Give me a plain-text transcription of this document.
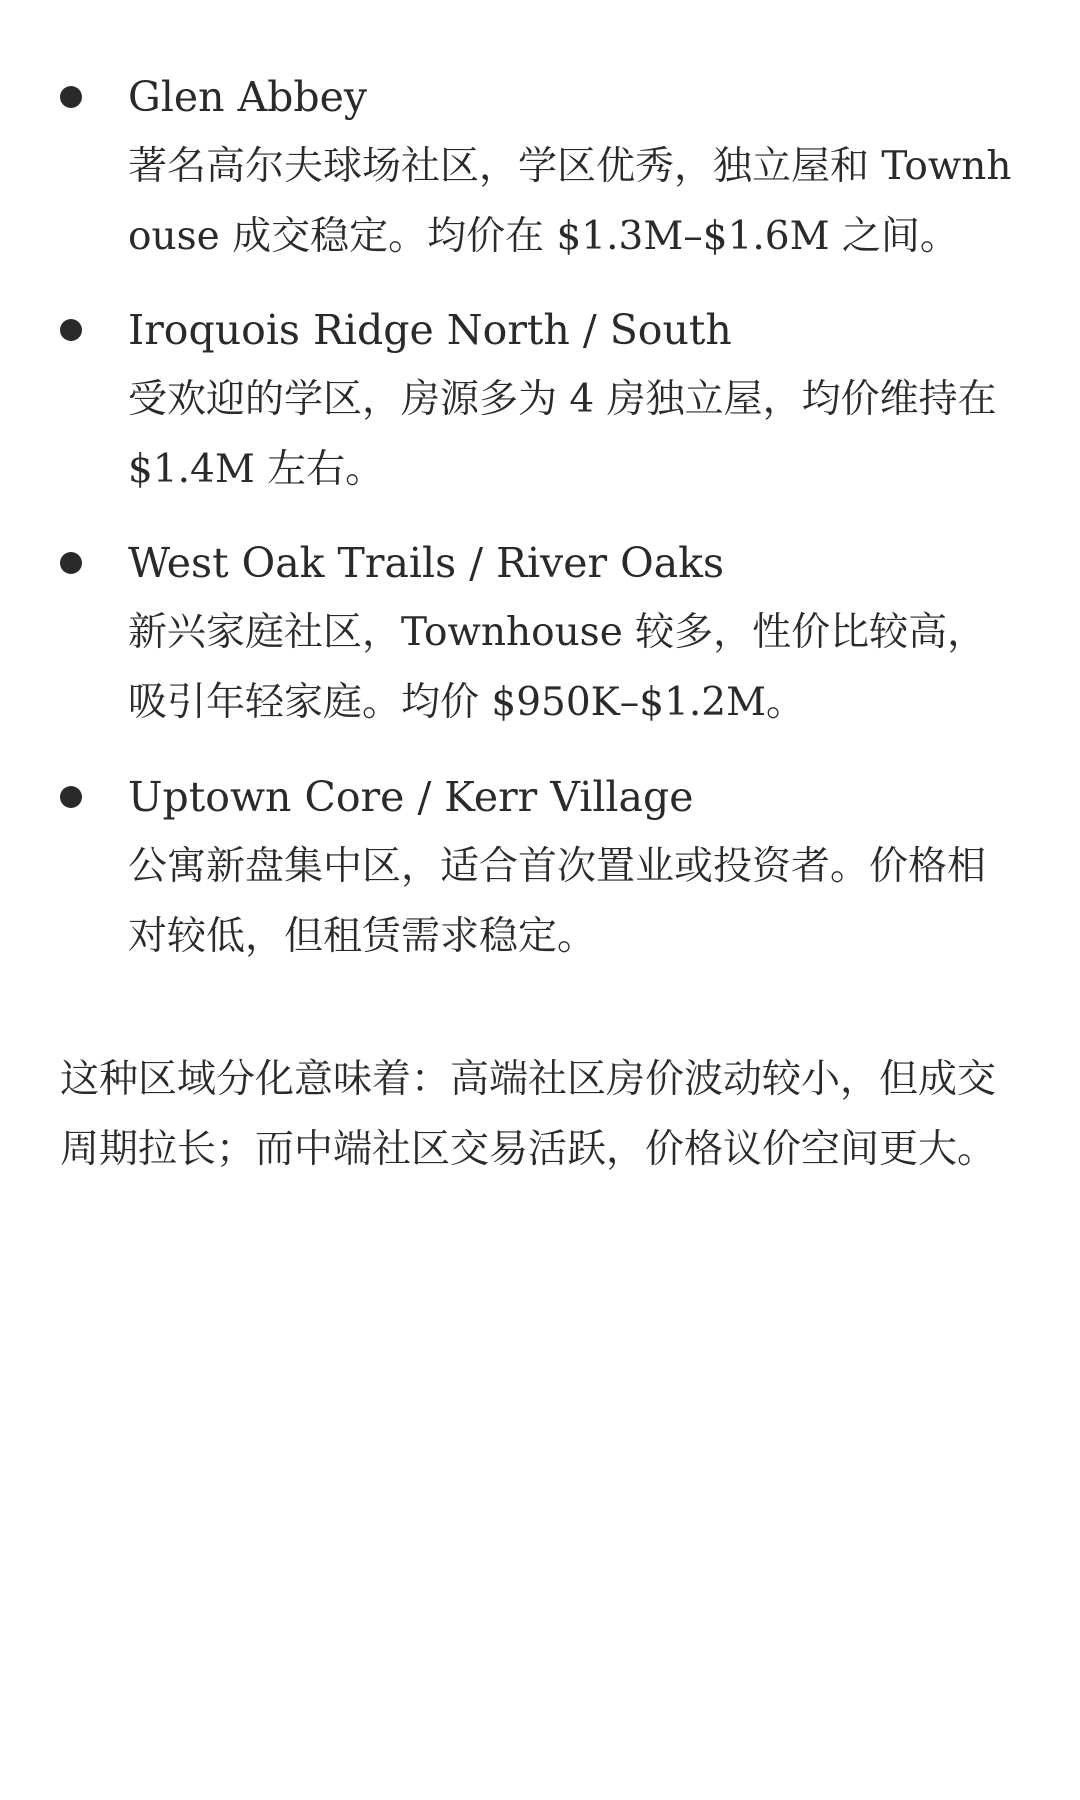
Glen Abbey
著名高尔夫球场社区，学区优秀，独立屋和 Townhouse 成交稳定。均价在 $1.3M–$1.6M 之间。
Iroquois Ridge North / South
受欢迎的学区，房源多为 4 房独立屋，均价维持在 $1.4M 左右。
West Oak Trails / River Oaks
新兴家庭社区，Townhouse 较多，性价比较高，吸引年轻家庭。均价 $950K–$1.2M。
Uptown Core / Kerr Village
公寓新盘集中区，适合首次置业或投资者。价格相对较低，但租赁需求稳定。

这种区域分化意味着：高端社区房价波动较小，但成交周期拉长；而中端社区交易活跃，价格议价空间更大。
